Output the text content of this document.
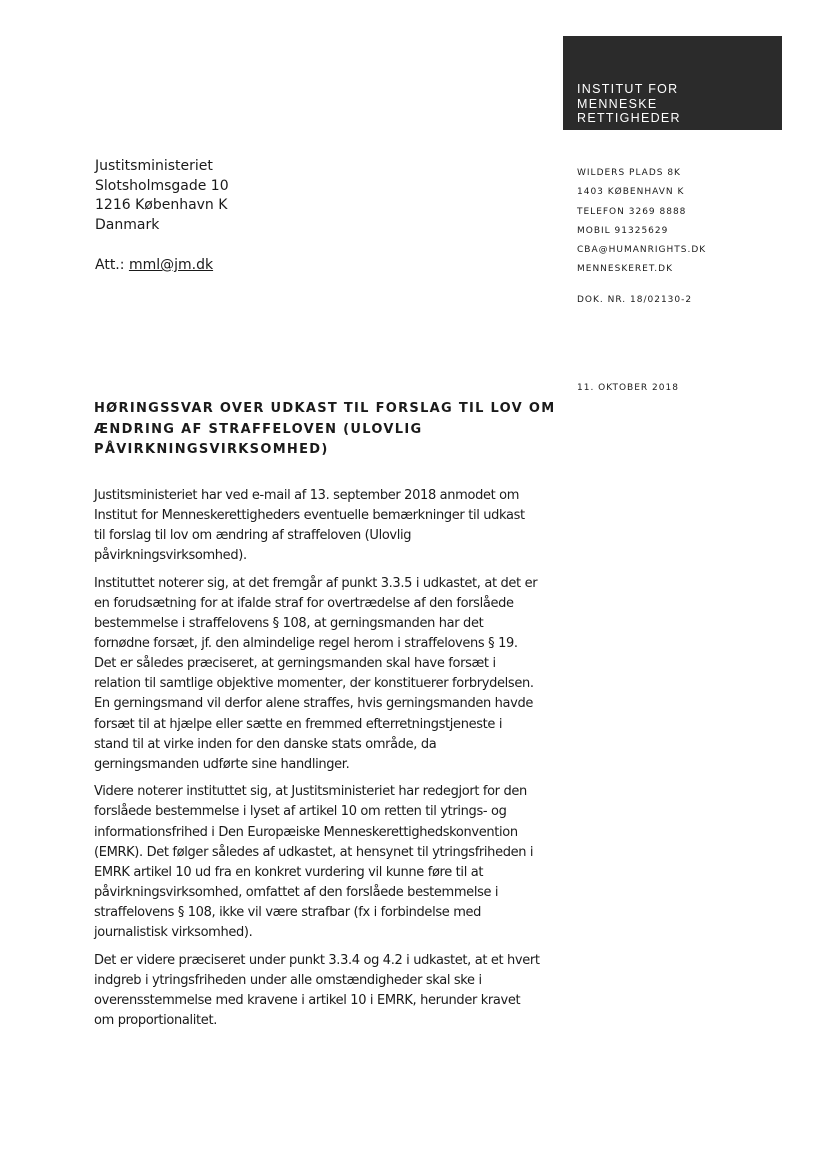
INSTITUT FOR
MENNESKE
RETTIGHEDER
Justitsministeriet
Slotsholmsgade 10
1216 København K
Danmark
Att.: mml@jm.dk
WILDERS PLADS 8K
1403 KØBENHAVN K
TELEFON 3269 8888
MOBIL 91325629
CBA@HUMANRIGHTS.DK
MENNESKERET.DK
DOK. NR. 18/02130-2
11. OKTOBER 2018
HØRINGSSVAR OVER UDKAST TIL FORSLAG TIL LOV OM
ÆNDRING AF STRAFFELOVEN (ULOVLIG
PÅVIRKNINGSVIRKSOMHED)
Justitsministeriet har ved e-mail af 13. september 2018 anmodet om
Institut for Menneskerettigheders eventuelle bemærkninger til udkast
til forslag til lov om ændring af straffeloven (Ulovlig
påvirkningsvirksomhed).
Instituttet noterer sig, at det fremgår af punkt 3.3.5 i udkastet, at det er
en forudsætning for at ifalde straf for overtrædelse af den forslåede
bestemmelse i straffelovens § 108, at gerningsmanden har det
fornødne forsæt, jf. den almindelige regel herom i straffelovens § 19.
Det er således præciseret, at gerningsmanden skal have forsæt i
relation til samtlige objektive momenter, der konstituerer forbrydelsen.
En gerningsmand vil derfor alene straffes, hvis gerningsmanden havde
forsæt til at hjælpe eller sætte en fremmed efterretningstjeneste i
stand til at virke inden for den danske stats område, da
gerningsmanden udførte sine handlinger.
Videre noterer instituttet sig, at Justitsministeriet har redegjort for den
forslåede bestemmelse i lyset af artikel 10 om retten til ytrings- og
informationsfrihed i Den Europæiske Menneskerettighedskonvention
(EMRK). Det følger således af udkastet, at hensynet til ytringsfriheden i
EMRK artikel 10 ud fra en konkret vurdering vil kunne føre til at
påvirkningsvirksomhed, omfattet af den forslåede bestemmelse i
straffelovens § 108, ikke vil være strafbar (fx i forbindelse med
journalistisk virksomhed).
Det er videre præciseret under punkt 3.3.4 og 4.2 i udkastet, at et hvert
indgreb i ytringsfriheden under alle omstændigheder skal ske i
overensstemmelse med kravene i artikel 10 i EMRK, herunder kravet
om proportionalitet.
